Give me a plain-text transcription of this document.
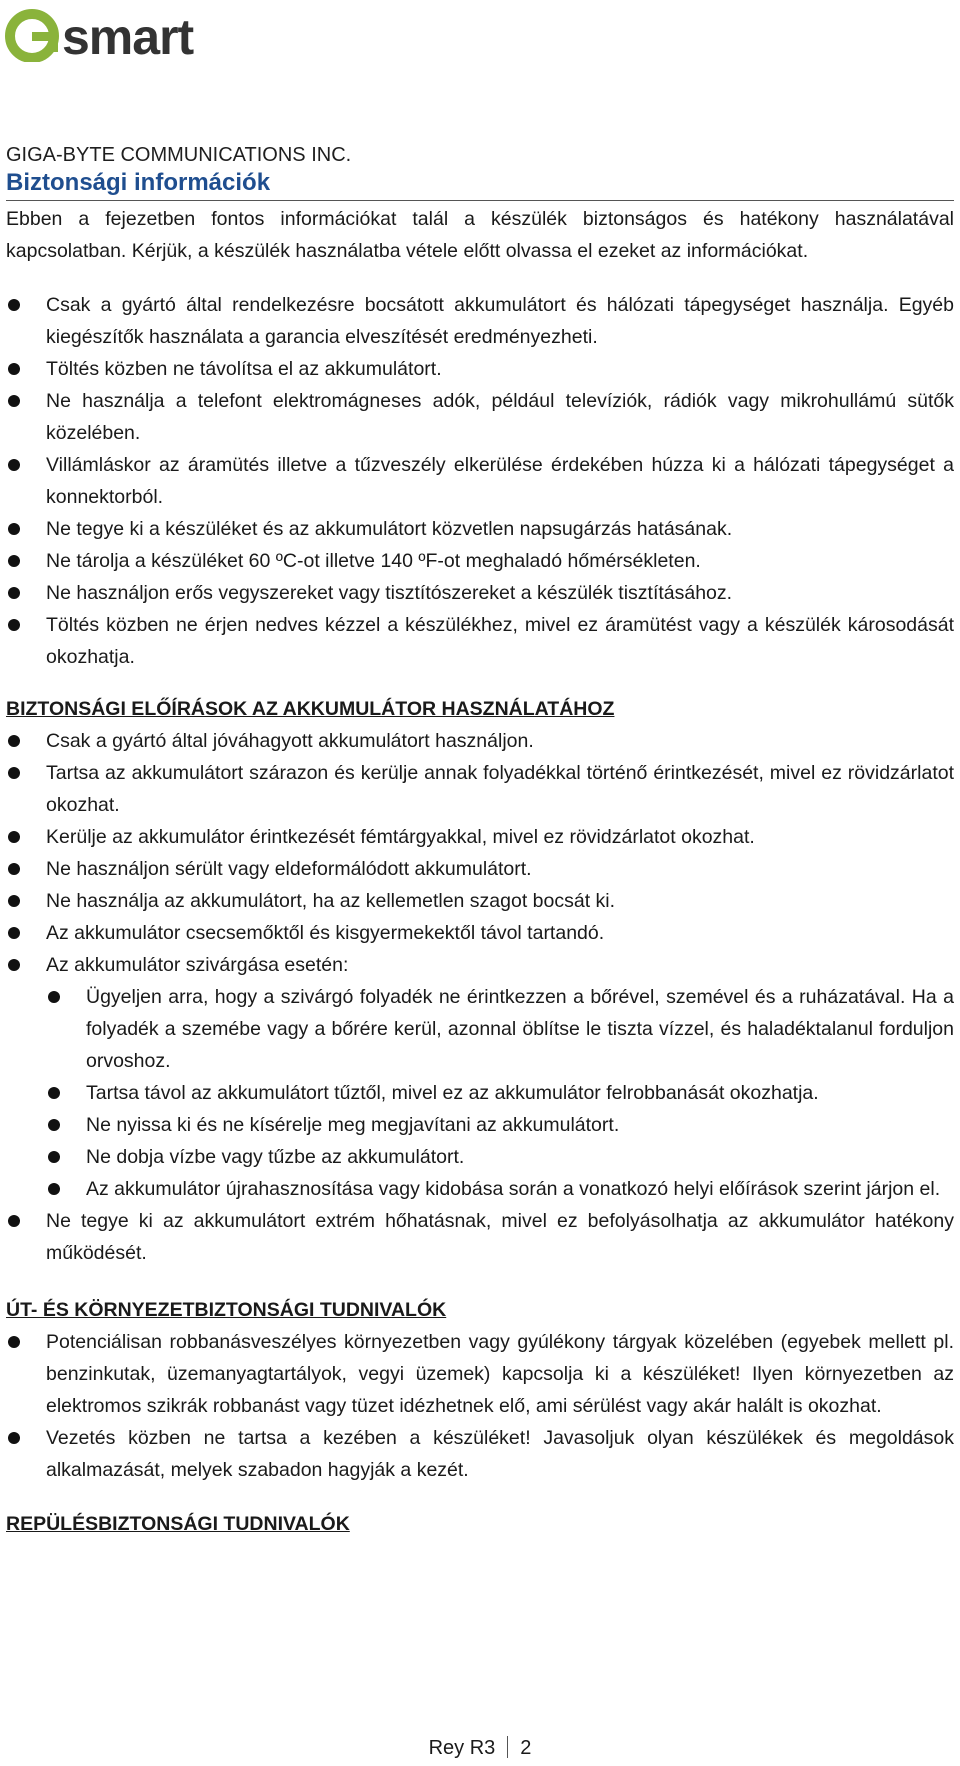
smart

GIGA-BYTE COMMUNICATIONS INC.

Biztonsági információk

Ebben a fejezetben fontos információkat talál a készülék biztonságos és hatékony használatával kapcsolatban. Kérjük, a készülék használatba vétele előtt olvassa el ezeket az információkat.

Csak a gyártó által rendelkezésre bocsátott akkumulátort és hálózati tápegységet használja. Egyéb kiegészítők használata a garancia elveszítését eredményezheti.
Töltés közben ne távolítsa el az akkumulátort.
Ne használja a telefont elektromágneses adók, például televíziók, rádiók vagy mikrohullámú sütők közelében.
Villámláskor az áramütés illetve a tűzveszély elkerülése érdekében húzza ki a hálózati tápegységet a konnektorból.
Ne tegye ki a készüléket és az akkumulátort közvetlen napsugárzás hatásának.
Ne tárolja a készüléket 60 ºC-ot illetve 140 ºF-ot meghaladó hőmérsékleten.
Ne használjon erős vegyszereket vagy tisztítószereket a készülék tisztításához.
Töltés közben ne érjen nedves kézzel a készülékhez, mivel ez áramütést vagy a készülék károsodását okozhatja.
BIZTONSÁGI ELŐÍRÁSOK AZ AKKUMULÁTOR HASZNÁLATÁHOZ
Csak a gyártó által jóváhagyott akkumulátort használjon.
Tartsa az akkumulátort szárazon és kerülje annak folyadékkal történő érintkezését, mivel ez rövidzárlatot okozhat.
Kerülje az akkumulátor érintkezését fémtárgyakkal, mivel ez rövidzárlatot okozhat.
Ne használjon sérült vagy eldeformálódott akkumulátort.
Ne használja az akkumulátort, ha az kellemetlen szagot bocsát ki.
Az akkumulátor csecsemőktől és kisgyermekektől távol tartandó.
Az akkumulátor szivárgása esetén:
Ügyeljen arra, hogy a szivárgó folyadék ne érintkezzen a bőrével, szemével és a ruházatával. Ha a folyadék a szemébe vagy a bőrére kerül, azonnal öblítse le tiszta vízzel, és haladéktalanul forduljon orvoshoz.
Tartsa távol az akkumulátort tűztől, mivel ez az akkumulátor felrobbanását okozhatja.
Ne nyissa ki és ne kísérelje meg megjavítani az akkumulátort.
Ne dobja vízbe vagy tűzbe az akkumulátort.
Az akkumulátor újrahasznosítása vagy kidobása során a vonatkozó helyi előírások szerint járjon el.
Ne tegye ki az akkumulátort extrém hőhatásnak, mivel ez befolyásolhatja az akkumulátor hatékony működését.
ÚT- ÉS KÖRNYEZETBIZTONSÁGI TUDNIVALÓK
Potenciálisan robbanásveszélyes környezetben vagy gyúlékony tárgyak közelében (egyebek mellett pl. benzinkutak, üzemanyagtartályok, vegyi üzemek) kapcsolja ki a készüléket! Ilyen környezetben az elektromos szikrák robbanást vagy tüzet idézhetnek elő, ami sérülést vagy akár halált is okozhat.
Vezetés közben ne tartsa a kezében a készüléket! Javasoljuk olyan készülékek és megoldások alkalmazását, melyek szabadon hagyják a kezét.
REPÜLÉSBIZTONSÁGI TUDNIVALÓK
Rey R3 2
